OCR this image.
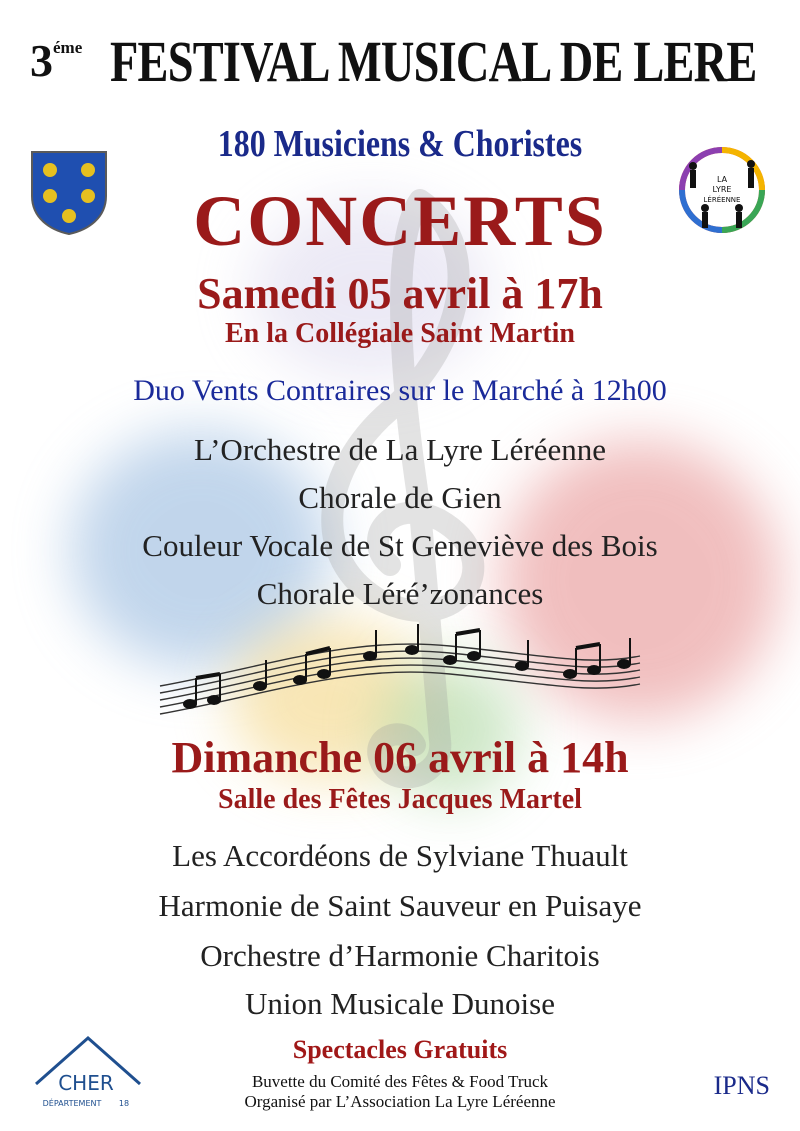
$3^{éme}$ FESTIVAL MUSICAL DE LERE
LA
LYRE
LÉRÉENNE
180 Musiciens & Choristes
CONCERTS
Samedi 05 avril à 17h
En la Collégiale Saint Martin
Duo Vents Contraires sur le Marché à 12h00
L’Orchestre de La Lyre Léréenne
Chorale de Gien
Couleur Vocale de St Geneviève des Bois
Chorale Léré’zonances
Dimanche 06 avril à 14h
Salle des Fêtes Jacques Martel
Les Accordéons de Sylviane Thuault
Harmonie de Saint Sauveur en Puisaye
Orchestre d’Harmonie Charitois
Union Musicale Dunoise
Spectacles Gratuits
Buvette du Comité des Fêtes & Food Truck
Organisé par L’Association La Lyre Léréenne
IPNS
CHER
DÉPARTEMENT 18
